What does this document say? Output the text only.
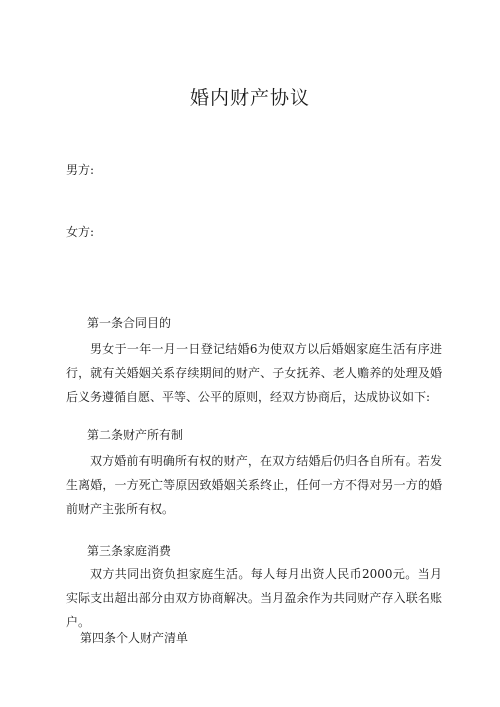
婚内财产协议
男方:
女方:
第一条合同目的
男女于一年一月一日登记结婚6为使双方以后婚姻家庭生活有序进行，就有关婚姻关系存续期间的财产、子女抚养、老人赡养的处理及婚后义务遵循自愿、平等、公平的原则，经双方协商后，达成协议如下:
第二条财产所有制
双方婚前有明确所有权的财产，在双方结婚后仍归各自所有。若发生离婚，一方死亡等原因致婚姻关系终止，任何一方不得对另一方的婚前财产主张所有权。
第三条家庭消费
双方共同出资负担家庭生活。每人每月出资人民币2000元。当月实际支出超出部分由双方协商解决。当月盈余作为共同财产存入联名账户。
第四条个人财产清单
